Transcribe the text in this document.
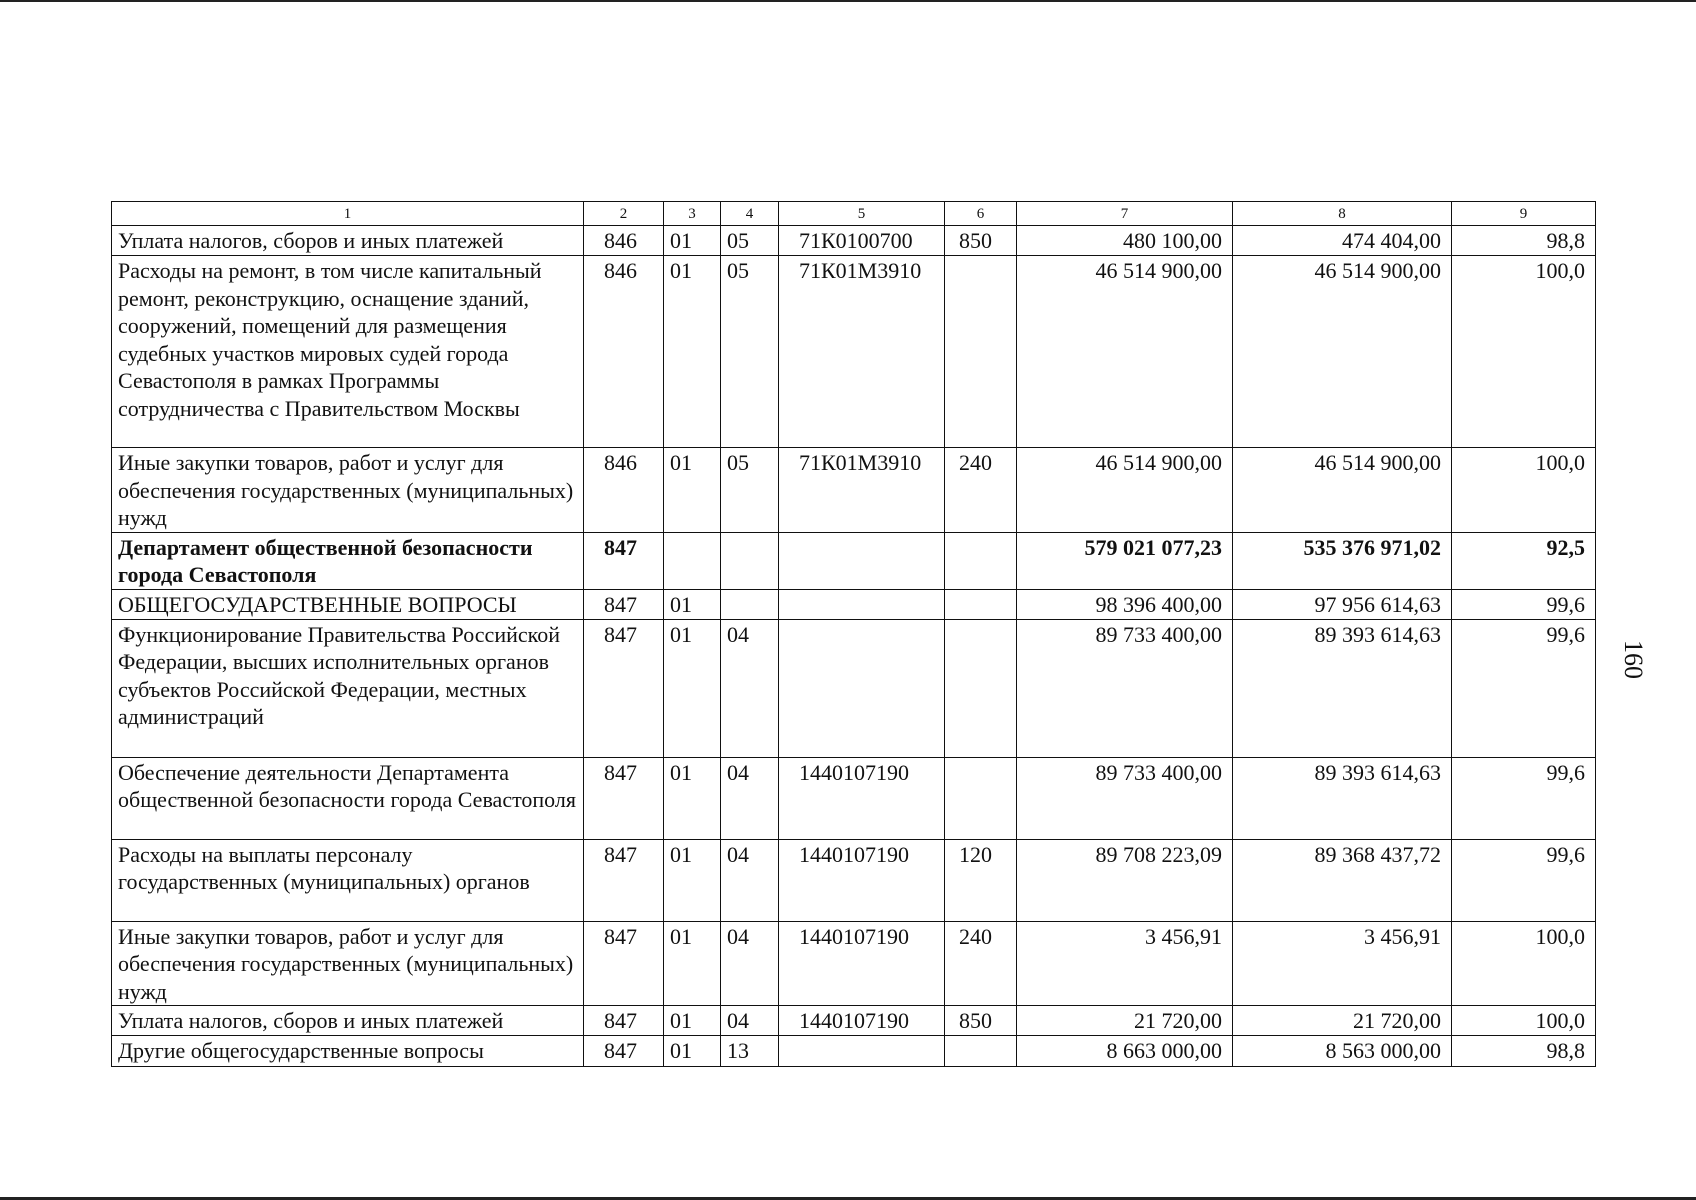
1	2	3	4	5	6	7	8	9
Уплата налогов, сборов и иных платежей	846	01	05	71К0100700	850	480 100,00	474 404,00	98,8
Расходы на ремонт, в том числе капитальный ремонт, реконструкцию, оснащение зданий, сооружений, помещений для размещения судебных участков мировых судей города Севастополя в рамках Программы сотрудничества с Правительством Москвы	846	01	05	71К01М3910		46 514 900,00	46 514 900,00	100,0
Иные закупки товаров, работ и услуг для обеспечения государственных (муниципальных) нужд	846	01	05	71К01М3910	240	46 514 900,00	46 514 900,00	100,0
Департамент общественной безопасности города Севастополя	847					579 021 077,23	535 376 971,02	92,5
ОБЩЕГОСУДАРСТВЕННЫЕ ВОПРОСЫ	847	01				98 396 400,00	97 956 614,63	99,6
Функционирование Правительства Российской Федерации, высших исполнительных органов субъектов Российской Федерации, местных администраций	847	01	04			89 733 400,00	89 393 614,63	99,6
Обеспечение деятельности Департамента общественной безопасности города Севастополя	847	01	04	1440107190		89 733 400,00	89 393 614,63	99,6
Расходы на выплаты персоналу государственных (муниципальных) органов	847	01	04	1440107190	120	89 708 223,09	89 368 437,72	99,6
Иные закупки товаров, работ и услуг для обеспечения государственных (муниципальных) нужд	847	01	04	1440107190	240	3 456,91	3 456,91	100,0
Уплата налогов, сборов и иных платежей	847	01	04	1440107190	850	21 720,00	21 720,00	100,0
Другие общегосударственные вопросы	847	01	13			8 663 000,00	8 563 000,00	98,8
160
